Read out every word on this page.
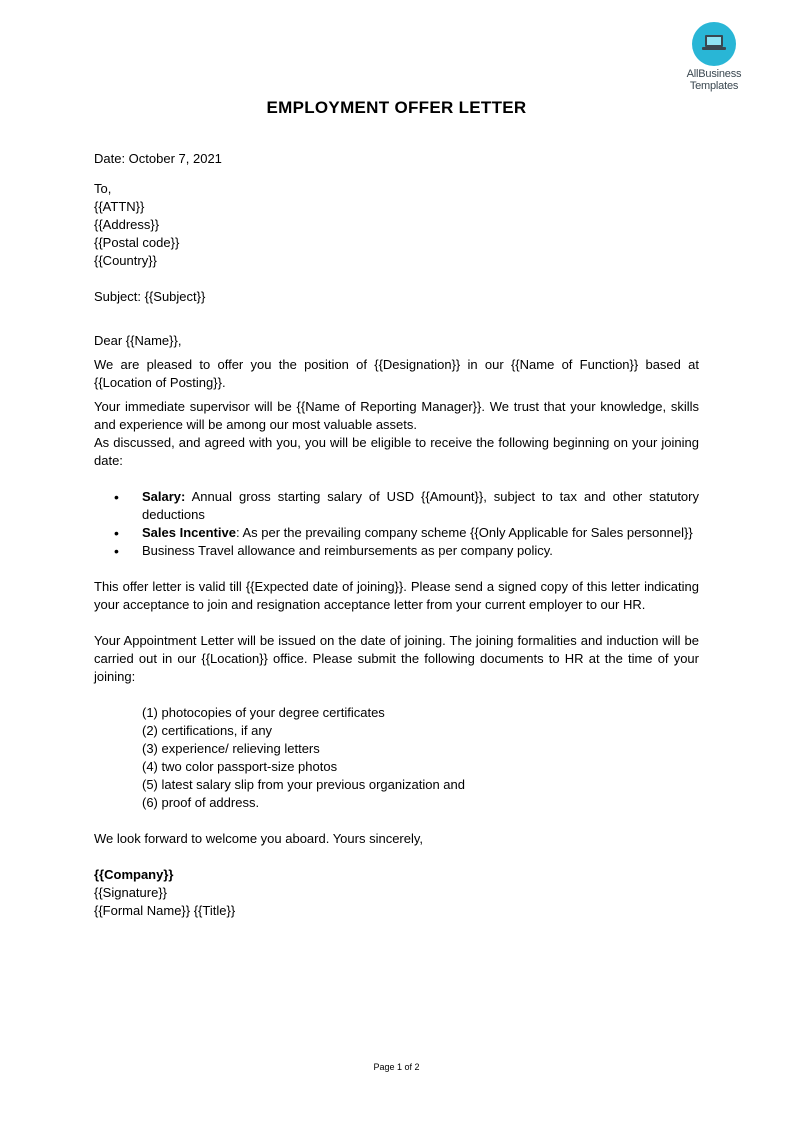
AllBusiness
Templates
EMPLOYMENT OFFER LETTER

Date: October 7, 2021

To,

{{ATTN}}

{{Address}}

{{Postal code}}

{{Country}}

Subject: {{Subject}}

Dear {{Name}},

We are pleased to offer you the position of {{Designation}} in our {{Name of Function}} based at {{Location of Posting}}.

Your immediate supervisor will be {{Name of Reporting Manager}}. We trust that your knowledge, skills and experience will be among our most valuable assets.

As discussed, and agreed with you, you will be eligible to receive the following beginning on your joining date:

• Salary: Annual gross starting salary of USD {{Amount}}, subject to tax and other statutory deductions
• Sales Incentive: As per the prevailing company scheme {{Only Applicable for Sales personnel}}
• Business Travel allowance and reimbursements as per company policy.

This offer letter is valid till {{Expected date of joining}}. Please send a signed copy of this letter indicating your acceptance to join and resignation acceptance letter from your current employer to our HR.

Your Appointment Letter will be issued on the date of joining. The joining formalities and induction will be carried out in our {{Location}} office. Please submit the following documents to HR at the time of your joining:

(1) photocopies of your degree certificates

(2) certifications, if any

(3) experience/ relieving letters

(4) two color passport-size photos

(5) latest salary slip from your previous organization and

(6) proof of address.

We look forward to welcome you aboard. Yours sincerely,

{{Company}}

{{Signature}}

{{Formal Name}} {{Title}}

Page 1 of 2
